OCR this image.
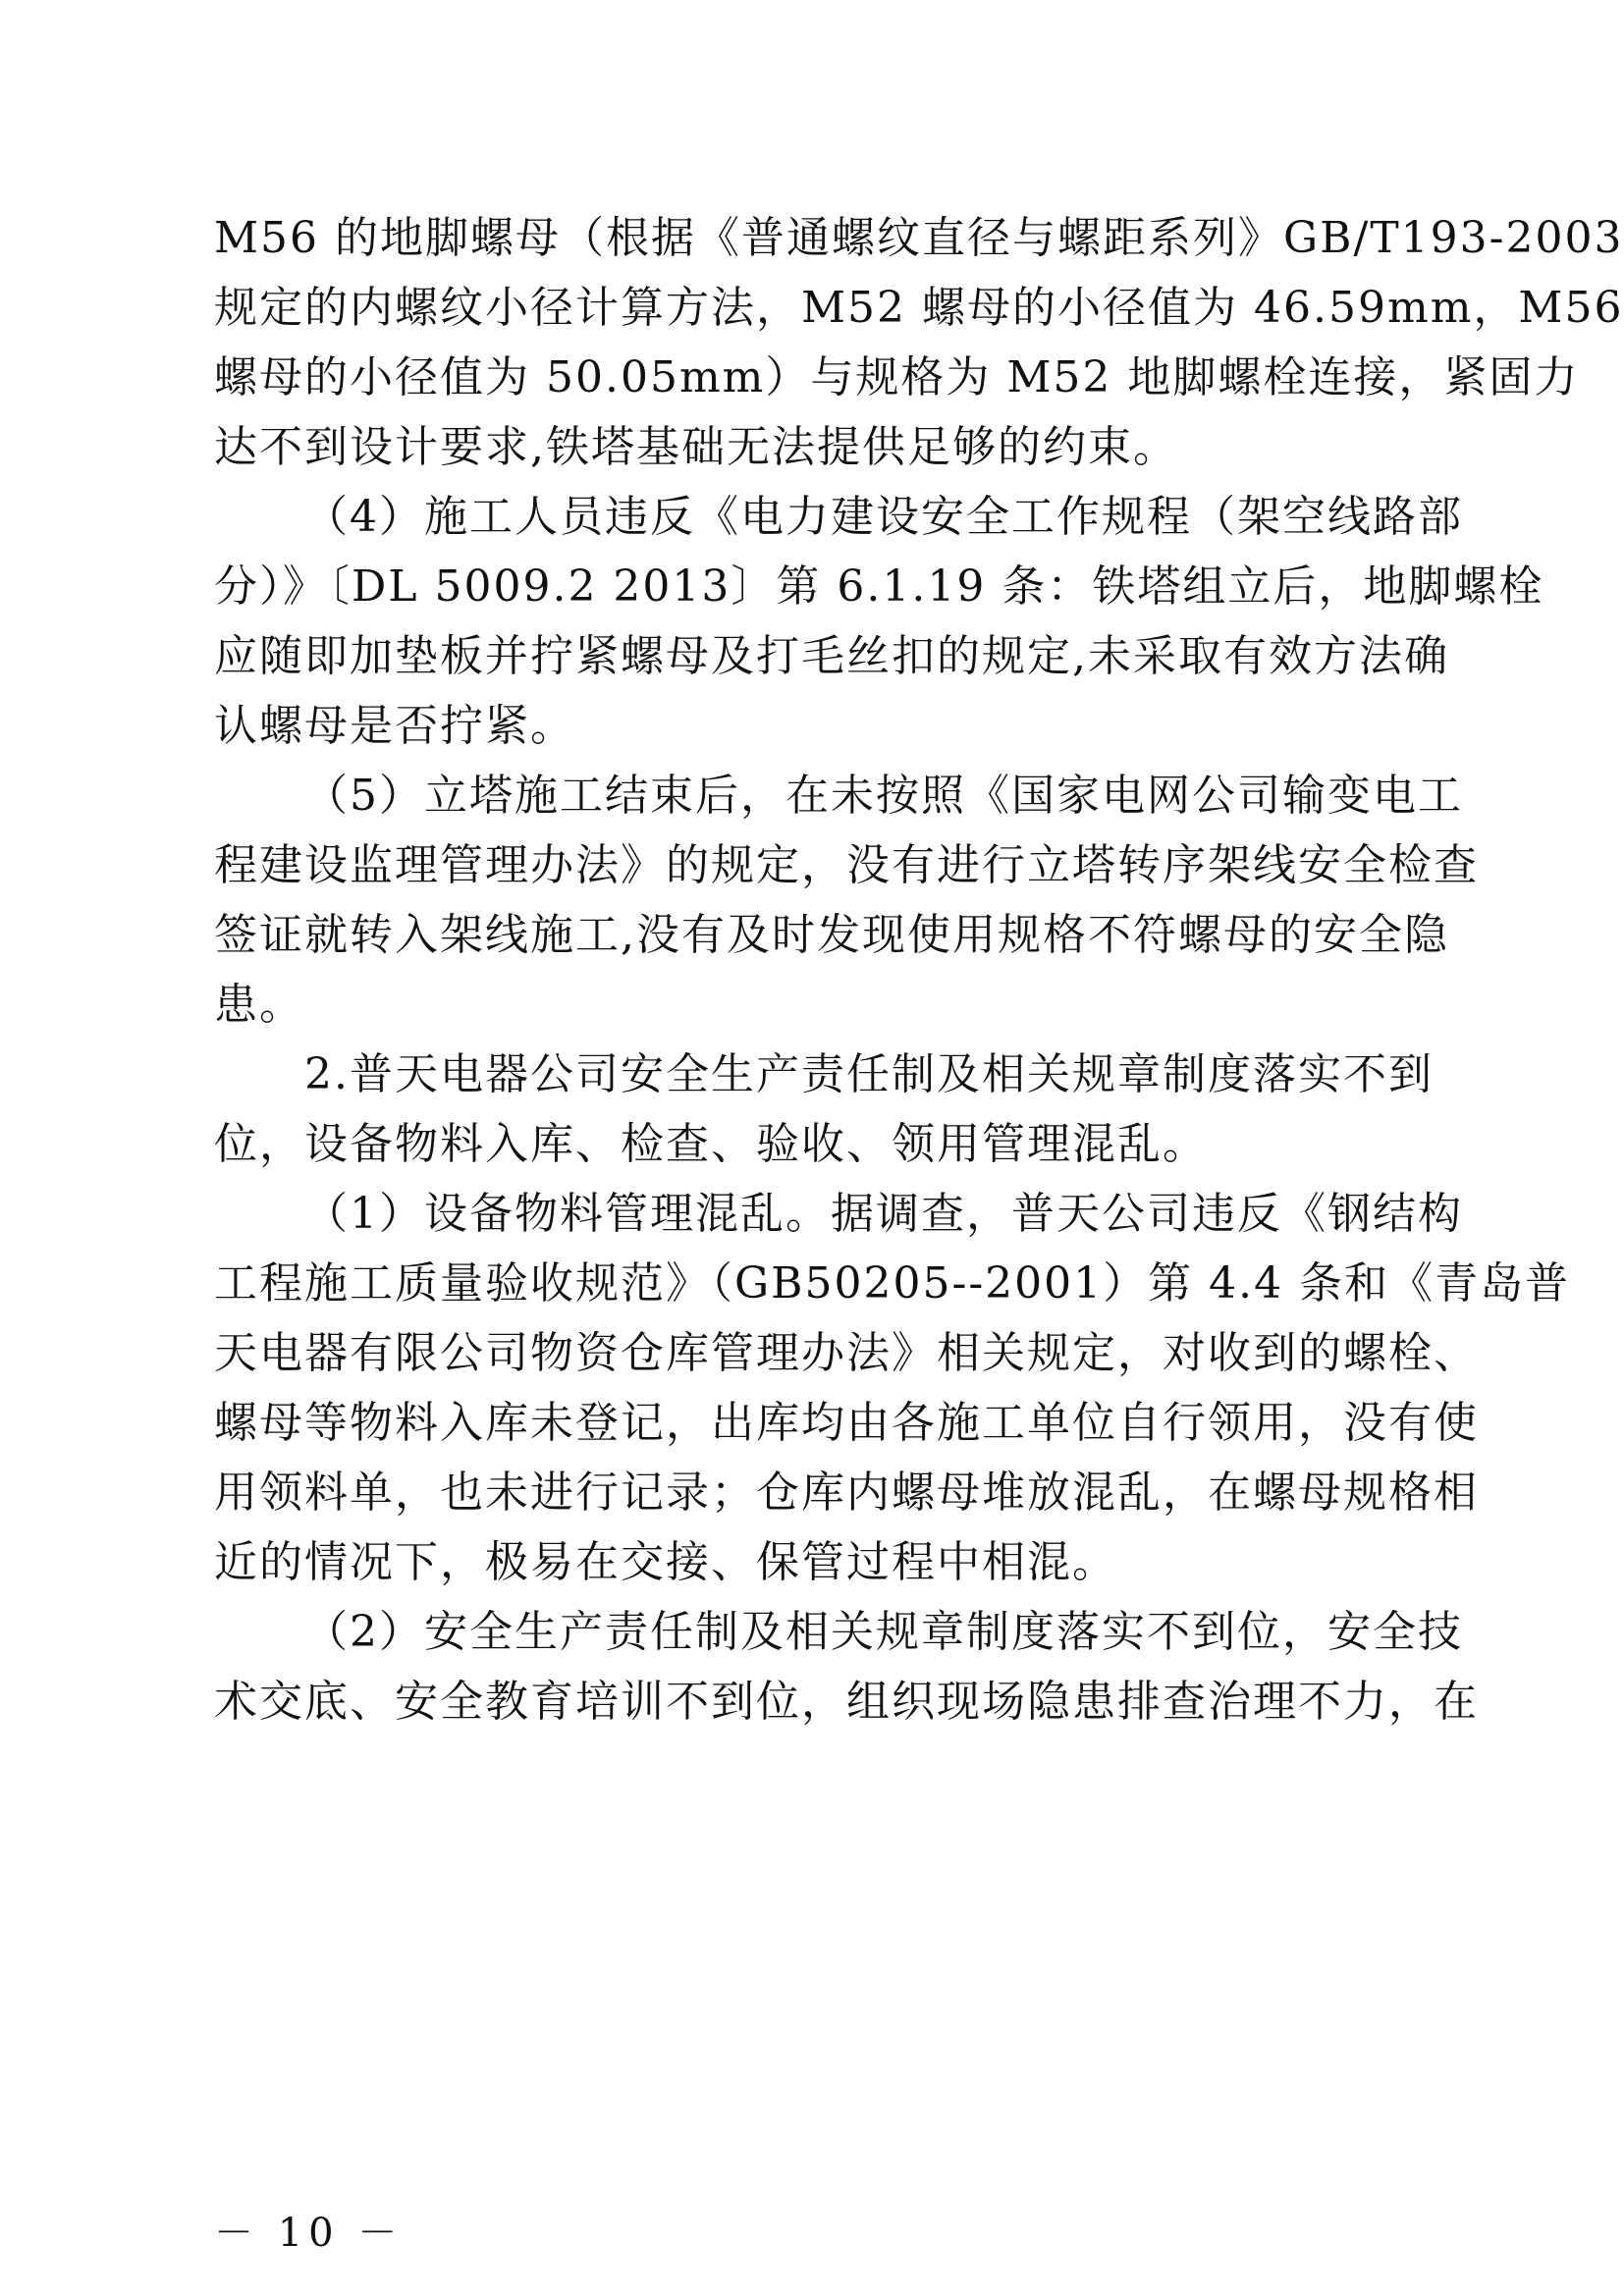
M56 的地脚螺母（根据《普通螺纹直径与螺距系列》GB/T193-2003
规定的内螺纹小径计算方法，M52 螺母的小径值为 46.59mm，M56
螺母的小径值为 50.05mm）与规格为 M52 地脚螺栓连接，紧固力
达不到设计要求,铁塔基础无法提供足够的约束。
（4）施工人员违反《电力建设安全工作规程（架空线路部
分）》〔DL 5009.2 2013〕第 6.1.19 条：铁塔组立后，地脚螺栓
应随即加垫板并拧紧螺母及打毛丝扣的规定,未采取有效方法确
认螺母是否拧紧。
（5）立塔施工结束后，在未按照《国家电网公司输变电工
程建设监理管理办法》的规定，没有进行立塔转序架线安全检查
签证就转入架线施工,没有及时发现使用规格不符螺母的安全隐
患。
2.普天电器公司安全生产责任制及相关规章制度落实不到
位，设备物料入库、检查、验收、领用管理混乱。
（1）设备物料管理混乱。据调查，普天公司违反《钢结构
工程施工质量验收规范》（GB50205--2001）第 4.4 条和《青岛普
天电器有限公司物资仓库管理办法》相关规定，对收到的螺栓、
螺母等物料入库未登记，出库均由各施工单位自行领用，没有使
用领料单，也未进行记录；仓库内螺母堆放混乱，在螺母规格相
近的情况下，极易在交接、保管过程中相混。
（2）安全生产责任制及相关规章制度落实不到位，安全技
术交底、安全教育培训不到位，组织现场隐患排查治理不力，在
－ 10 －
